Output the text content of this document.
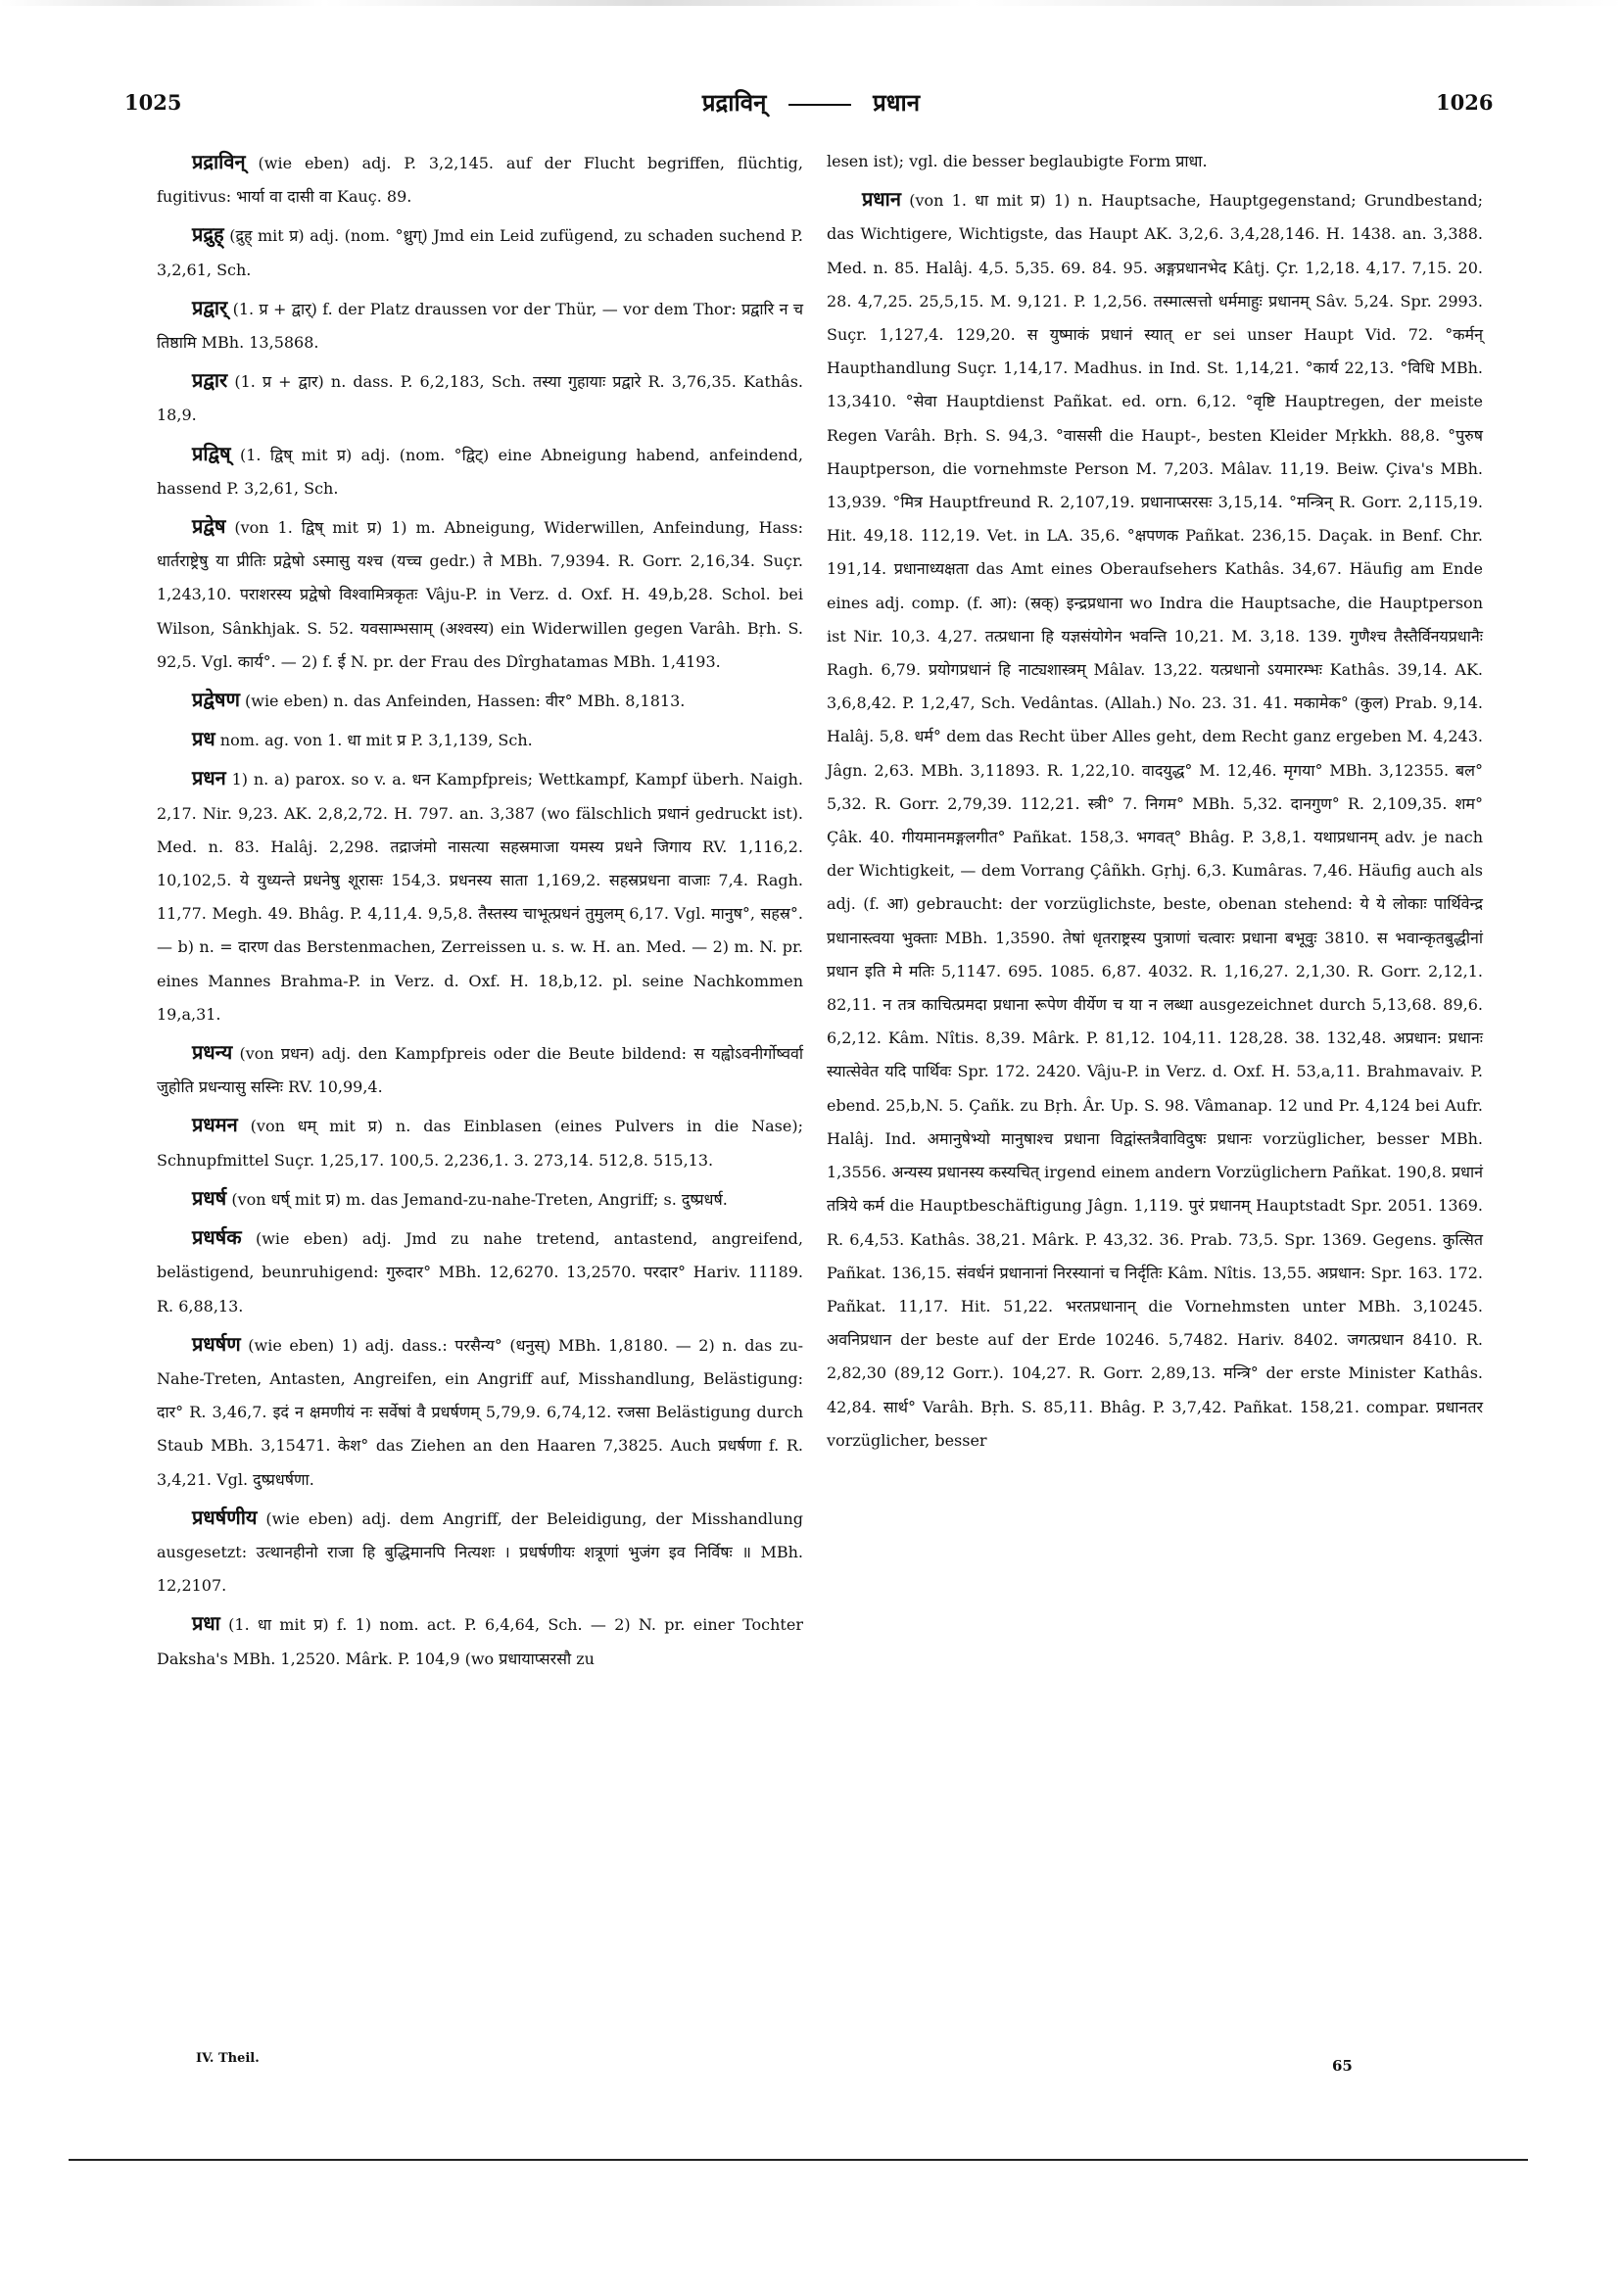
1025	प्रद्राविन्	प्रधान	1026

प्रद्राविन् (wie eben) adj. P. 3,2,145. auf der Flucht begriffen, flüchtig, fugitivus: भार्या वा दासी वा Kauç. 89.

प्रद्रुह् (द्रुह् mit प्र) adj. (nom. °ध्रुग्) Jmd ein Leid zufügend, zu schaden suchend P. 3,2,61, Sch.

प्रद्वार् (1. प्र + द्वार्) f. der Platz draussen vor der Thür, — vor dem Thor: प्रद्वारि न च तिष्ठामि MBh. 13,5868.

प्रद्वार (1. प्र + द्वार) n. dass. P. 6,2,183, Sch. तस्या गुहायाः प्रद्वारे R. 3,76,35. Kathâs. 18,9.

प्रद्विष् (1. द्विष् mit प्र) adj. (nom. °द्विट्) eine Abneigung habend, anfeindend, hassend P. 3,2,61, Sch.

प्रद्वेष (von 1. द्विष् mit प्र) 1) m. Abneigung, Widerwillen, Anfeindung, Hass: धार्तराष्ट्रेषु या प्रीतिः प्रद्वेषो ऽस्मासु यश्च (यच्च gedr.) ते MBh. 7,9394. R. Gorr. 2,16,34. Suçr. 1,243,10. पराशरस्य प्रद्वेषो विश्वामित्रकृतः Vâju-P. in Verz. d. Oxf. H. 49,b,28. Schol. bei Wilson, Sânkhjak. S. 52. यवसाम्भसाम् (अश्वस्य) ein Widerwillen gegen Varâh. Bṛh. S. 92,5. Vgl. कार्य°. — 2) f. ई N. pr. der Frau des Dîrghatamas MBh. 1,4193.

प्रद्वेषण (wie eben) n. das Anfeinden, Hassen: वीर° MBh. 8,1813.

प्रध nom. ag. von 1. धा mit प्र P. 3,1,139, Sch.

प्रधन 1) n. a) parox. so v. a. धन Kampfpreis; Wettkampf, Kampf überh. Naigh. 2,17. Nir. 9,23. AK. 2,8,2,72. H. 797. an. 3,387 (wo fälschlich प्रधानं gedruckt ist). Med. n. 83. Halâj. 2,298. तद्राजंमो नासत्या सहस्रमाजा यमस्य प्रधने जिगाय RV. 1,116,2. 10,102,5. ये युध्यन्ते प्रधनेषु शूरासः 154,3. प्रधनस्य साता 1,169,2. सहस्रप्रधना वाजाः 7,4. Ragh. 11,77. Megh. 49. Bhâg. P. 4,11,4. 9,5,8. तैस्तस्य चाभूत्प्रधनं तुमुलम् 6,17. Vgl. मानुष°, सहस्र°. — b) n. = दारण das Berstenmachen, Zerreissen u. s. w. H. an. Med. — 2) m. N. pr. eines Mannes Brahma-P. in Verz. d. Oxf. H. 18,b,12. pl. seine Nachkommen 19,a,31.

प्रधन्य (von प्रधन) adj. den Kampfpreis oder die Beute bildend: स यह्वोऽवनीर्गोष्वर्वा जुहोति प्रधन्यासु सस्निः RV. 10,99,4.

प्रधमन (von धम् mit प्र) n. das Einblasen (eines Pulvers in die Nase); Schnupfmittel Suçr. 1,25,17. 100,5. 2,236,1. 3. 273,14. 512,8. 515,13.

प्रधर्ष (von धर्ष् mit प्र) m. das Jemand-zu-nahe-Treten, Angriff; s. दुष्प्रधर्ष.

प्रधर्षक (wie eben) adj. Jmd zu nahe tretend, antastend, angreifend, belästigend, beunruhigend: गुरुदार° MBh. 12,6270. 13,2570. परदार° Hariv. 11189. R. 6,88,13.

प्रधर्षण (wie eben) 1) adj. dass.: परसैन्य° (धनुस्) MBh. 1,8180. — 2) n. das zu-Nahe-Treten, Antasten, Angreifen, ein Angriff auf, Misshandlung, Belästigung: दार° R. 3,46,7. इदं न क्षमणीयं नः सर्वेषां वै प्रधर्षणम् 5,79,9. 6,74,12. रजसा Belästigung durch Staub MBh. 3,15471. केश° das Ziehen an den Haaren 7,3825. Auch प्रधर्षणा f. R. 3,4,21. Vgl. दुष्प्रधर्षणा.

प्रधर्षणीय (wie eben) adj. dem Angriff, der Beleidigung, der Misshandlung ausgesetzt: उत्थानहीनो राजा हि बुद्धिमानपि नित्यशः । प्रधर्षणीयः शत्रूणां भुजंग इव निर्विषः ॥ MBh. 12,2107.

प्रधा (1. धा mit प्र) f. 1) nom. act. P. 6,4,64, Sch. — 2) N. pr. einer Tochter Daksha's MBh. 1,2520. Mârk. P. 104,9 (wo प्रधायाप्सरसौ zu

lesen ist); vgl. die besser beglaubigte Form प्राधा.

प्रधान (von 1. धा mit प्र) 1) n. Hauptsache, Hauptgegenstand; Grundbestand; das Wichtigere, Wichtigste, das Haupt AK. 3,2,6. 3,4,28,146. H. 1438. an. 3,388. Med. n. 85. Halâj. 4,5. 5,35. 69. 84. 95. अङ्गप्रधानभेद Kâtj. Çr. 1,2,18. 4,17. 7,15. 20. 28. 4,7,25. 25,5,15. M. 9,121. P. 1,2,56. तस्मात्सत्तो धर्ममाहुः प्रधानम् Sâv. 5,24. Spr. 2993. Suçr. 1,127,4. 129,20. स युष्माकं प्रधानं स्यात् er sei unser Haupt Vid. 72. °कर्मन् Haupthandlung Suçr. 1,14,17. Madhus. in Ind. St. 1,14,21. °कार्य 22,13. °विधि MBh. 13,3410. °सेवा Hauptdienst Pañkat. ed. orn. 6,12. °वृष्टि Hauptregen, der meiste Regen Varâh. Bṛh. S. 94,3. °वाससी die Haupt-, besten Kleider Mṛkkh. 88,8. °पुरुष Hauptperson, die vornehmste Person M. 7,203. Mâlav. 11,19. Beiw. Çiva's MBh. 13,939. °मित्र Hauptfreund R. 2,107,19. प्रधानाप्सरसः 3,15,14. °मन्त्रिन् R. Gorr. 2,115,19. Hit. 49,18. 112,19. Vet. in LA. 35,6. °क्षपणक Pañkat. 236,15. Daçak. in Benf. Chr. 191,14. प्रधानाध्यक्षता das Amt eines Oberaufsehers Kathâs. 34,67. Häufig am Ende eines adj. comp. (f. आ): (स्रक्) इन्द्रप्रधाना wo Indra die Hauptsache, die Hauptperson ist Nir. 10,3. 4,27. तत्प्रधाना हि यज्ञसंयोगेन भवन्ति 10,21. M. 3,18. 139. गुणैश्च तैस्तैर्विनयप्रधानैः Ragh. 6,79. प्रयोगप्रधानं हि नाट्यशास्त्रम् Mâlav. 13,22. यत्प्रधानो ऽयमारम्भः Kathâs. 39,14. AK. 3,6,8,42. P. 1,2,47, Sch. Vedântas. (Allah.) No. 23. 31. 41. मकामेक° (कुल) Prab. 9,14. Halâj. 5,8. धर्म° dem das Recht über Alles geht, dem Recht ganz ergeben M. 4,243. Jâgn. 2,63. MBh. 3,11893. R. 1,22,10. वादयुद्ध° M. 12,46. मृगया° MBh. 3,12355. बल° 5,32. R. Gorr. 2,79,39. 112,21. स्त्री° 7. निगम° MBh. 5,32. दानगुण° R. 2,109,35. शम° Çâk. 40. गीयमानमङ्गलगीत° Pañkat. 158,3. भगवत्° Bhâg. P. 3,8,1. यथाप्रधानम् adv. je nach der Wichtigkeit, — dem Vorrang Çâñkh. Gṛhj. 6,3. Kumâras. 7,46. Häufig auch als adj. (f. आ) gebraucht: der vorzüglichste, beste, obenan stehend: ये ये लोकाः पार्थिवेन्द्र प्रधानास्त्वया भुक्ताः MBh. 1,3590. तेषां धृतराष्ट्रस्य पुत्राणां चत्वारः प्रधाना बभूवुः 3810. स भवान्कृतबुद्धीनां प्रधान इति मे मतिः 5,1147. 695. 1085. 6,87. 4032. R. 1,16,27. 2,1,30. R. Gorr. 2,12,1. 82,11. न तत्र काचित्प्रमदा प्रधाना रूपेण वीर्येण च या न लब्धा ausgezeichnet durch 5,13,68. 89,6. 6,2,12. Kâm. Nîtis. 8,39. Mârk. P. 81,12. 104,11. 128,28. 38. 132,48. अप्रधान: प्रधानः स्यात्सेवेत यदि पार्थिवः Spr. 172. 2420. Vâju-P. in Verz. d. Oxf. H. 53,a,11. Brahmavaiv. P. ebend. 25,b,N. 5. Çañk. zu Bṛh. Âr. Up. S. 98. Vâmanap. 12 und Pr. 4,124 bei Aufr. Halâj. Ind. अमानुषेभ्यो मानुषाश्च प्रधाना विद्वांस्तत्रैवाविदुषः प्रधानः vorzüglicher, besser MBh. 1,3556. अन्यस्य प्रधानस्य कस्यचित् irgend einem andern Vorzüglichern Pañkat. 190,8. प्रधानं तत्रिये कर्म die Hauptbeschäftigung Jâgn. 1,119. पुरं प्रधानम् Hauptstadt Spr. 2051. 1369. R. 6,4,53. Kathâs. 38,21. Mârk. P. 43,32. 36. Prab. 73,5. Spr. 1369. Gegens. कुत्सित Pañkat. 136,15. संवर्धनं प्रधानानां निरस्यानां च निर्दृतिः Kâm. Nîtis. 13,55. अप्रधान: Spr. 163. 172. Pañkat. 11,17. Hit. 51,22. भरतप्रधानान् die Vornehmsten unter MBh. 3,10245. अवनिप्रधान der beste auf der Erde 10246. 5,7482. Hariv. 8402. जगत्प्रधान 8410. R. 2,82,30 (89,12 Gorr.). 104,27. R. Gorr. 2,89,13. मन्त्रि° der erste Minister Kathâs. 42,84. सार्थ° Varâh. Bṛh. S. 85,11. Bhâg. P. 3,7,42. Pañkat. 158,21. compar. प्रधानतर vorzüglicher, besser

IV. Theil.	65
